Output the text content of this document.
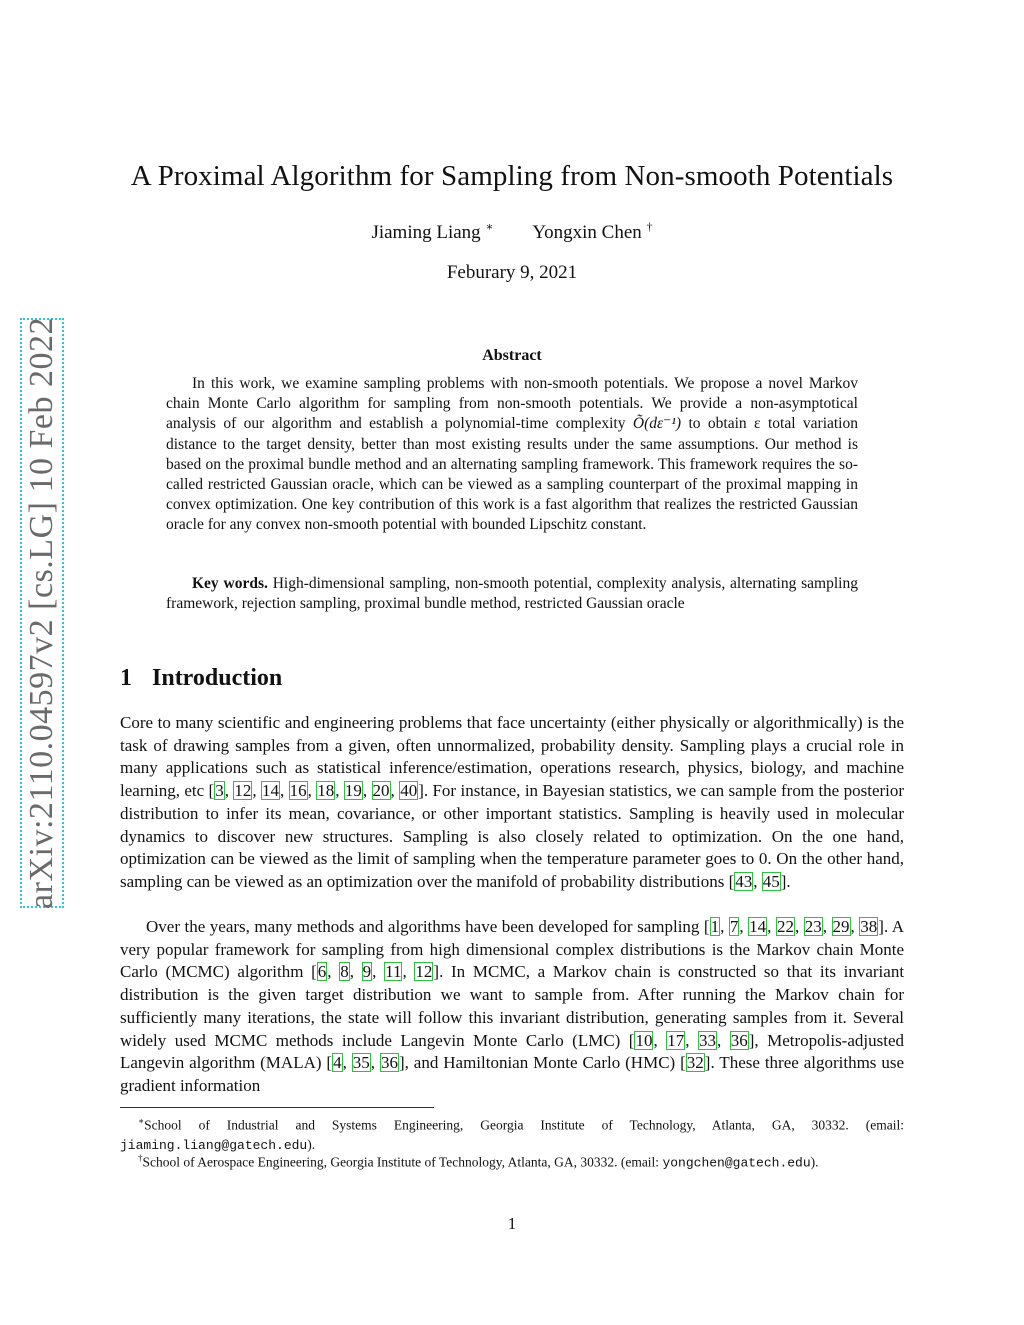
arXiv:2110.04597v2 [cs.LG] 10 Feb 2022
A Proximal Algorithm for Sampling from Non-smooth Potentials
Jiaming Liang ∗ Yongxin Chen †
Feburary 9, 2021
Abstract

In this work, we examine sampling problems with non-smooth potentials. We propose a novel Markov chain Monte Carlo algorithm for sampling from non-smooth potentials. We provide a non-asymptotical analysis of our algorithm and establish a polynomial-time complexity Õ(dε⁻¹) to obtain ε total variation distance to the target density, better than most existing results under the same assumptions. Our method is based on the proximal bundle method and an alternating sampling framework. This framework requires the so-called restricted Gaussian oracle, which can be viewed as a sampling counterpart of the proximal mapping in convex optimization. One key contribution of this work is a fast algorithm that realizes the restricted Gaussian oracle for any convex non-smooth potential with bounded Lipschitz constant.

Key words. High-dimensional sampling, non-smooth potential, complexity analysis, alternating sampling framework, rejection sampling, proximal bundle method, restricted Gaussian oracle

1 Introduction

Core to many scientific and engineering problems that face uncertainty (either physically or algorithmically) is the task of drawing samples from a given, often unnormalized, probability density. Sampling plays a crucial role in many applications such as statistical inference/estimation, operations research, physics, biology, and machine learning, etc [3, 12, 14, 16, 18, 19, 20, 40]. For instance, in Bayesian statistics, we can sample from the posterior distribution to infer its mean, covariance, or other important statistics. Sampling is heavily used in molecular dynamics to discover new structures. Sampling is also closely related to optimization. On the one hand, optimization can be viewed as the limit of sampling when the temperature parameter goes to 0. On the other hand, sampling can be viewed as an optimization over the manifold of probability distributions [43, 45].

Over the years, many methods and algorithms have been developed for sampling [1, 7, 14, 22, 23, 29, 38]. A very popular framework for sampling from high dimensional complex distributions is the Markov chain Monte Carlo (MCMC) algorithm [6, 8, 9, 11, 12]. In MCMC, a Markov chain is constructed so that its invariant distribution is the given target distribution we want to sample from. After running the Markov chain for sufficiently many iterations, the state will follow this invariant distribution, generating samples from it. Several widely used MCMC methods include Langevin Monte Carlo (LMC) [10, 17, 33, 36], Metropolis-adjusted Langevin algorithm (MALA) [4, 35, 36], and Hamiltonian Monte Carlo (HMC) [32]. These three algorithms use gradient information

∗School of Industrial and Systems Engineering, Georgia Institute of Technology, Atlanta, GA, 30332. (email: jiaming.liang@gatech.edu).

†School of Aerospace Engineering, Georgia Institute of Technology, Atlanta, GA, 30332. (email: yongchen@gatech.edu).

1
